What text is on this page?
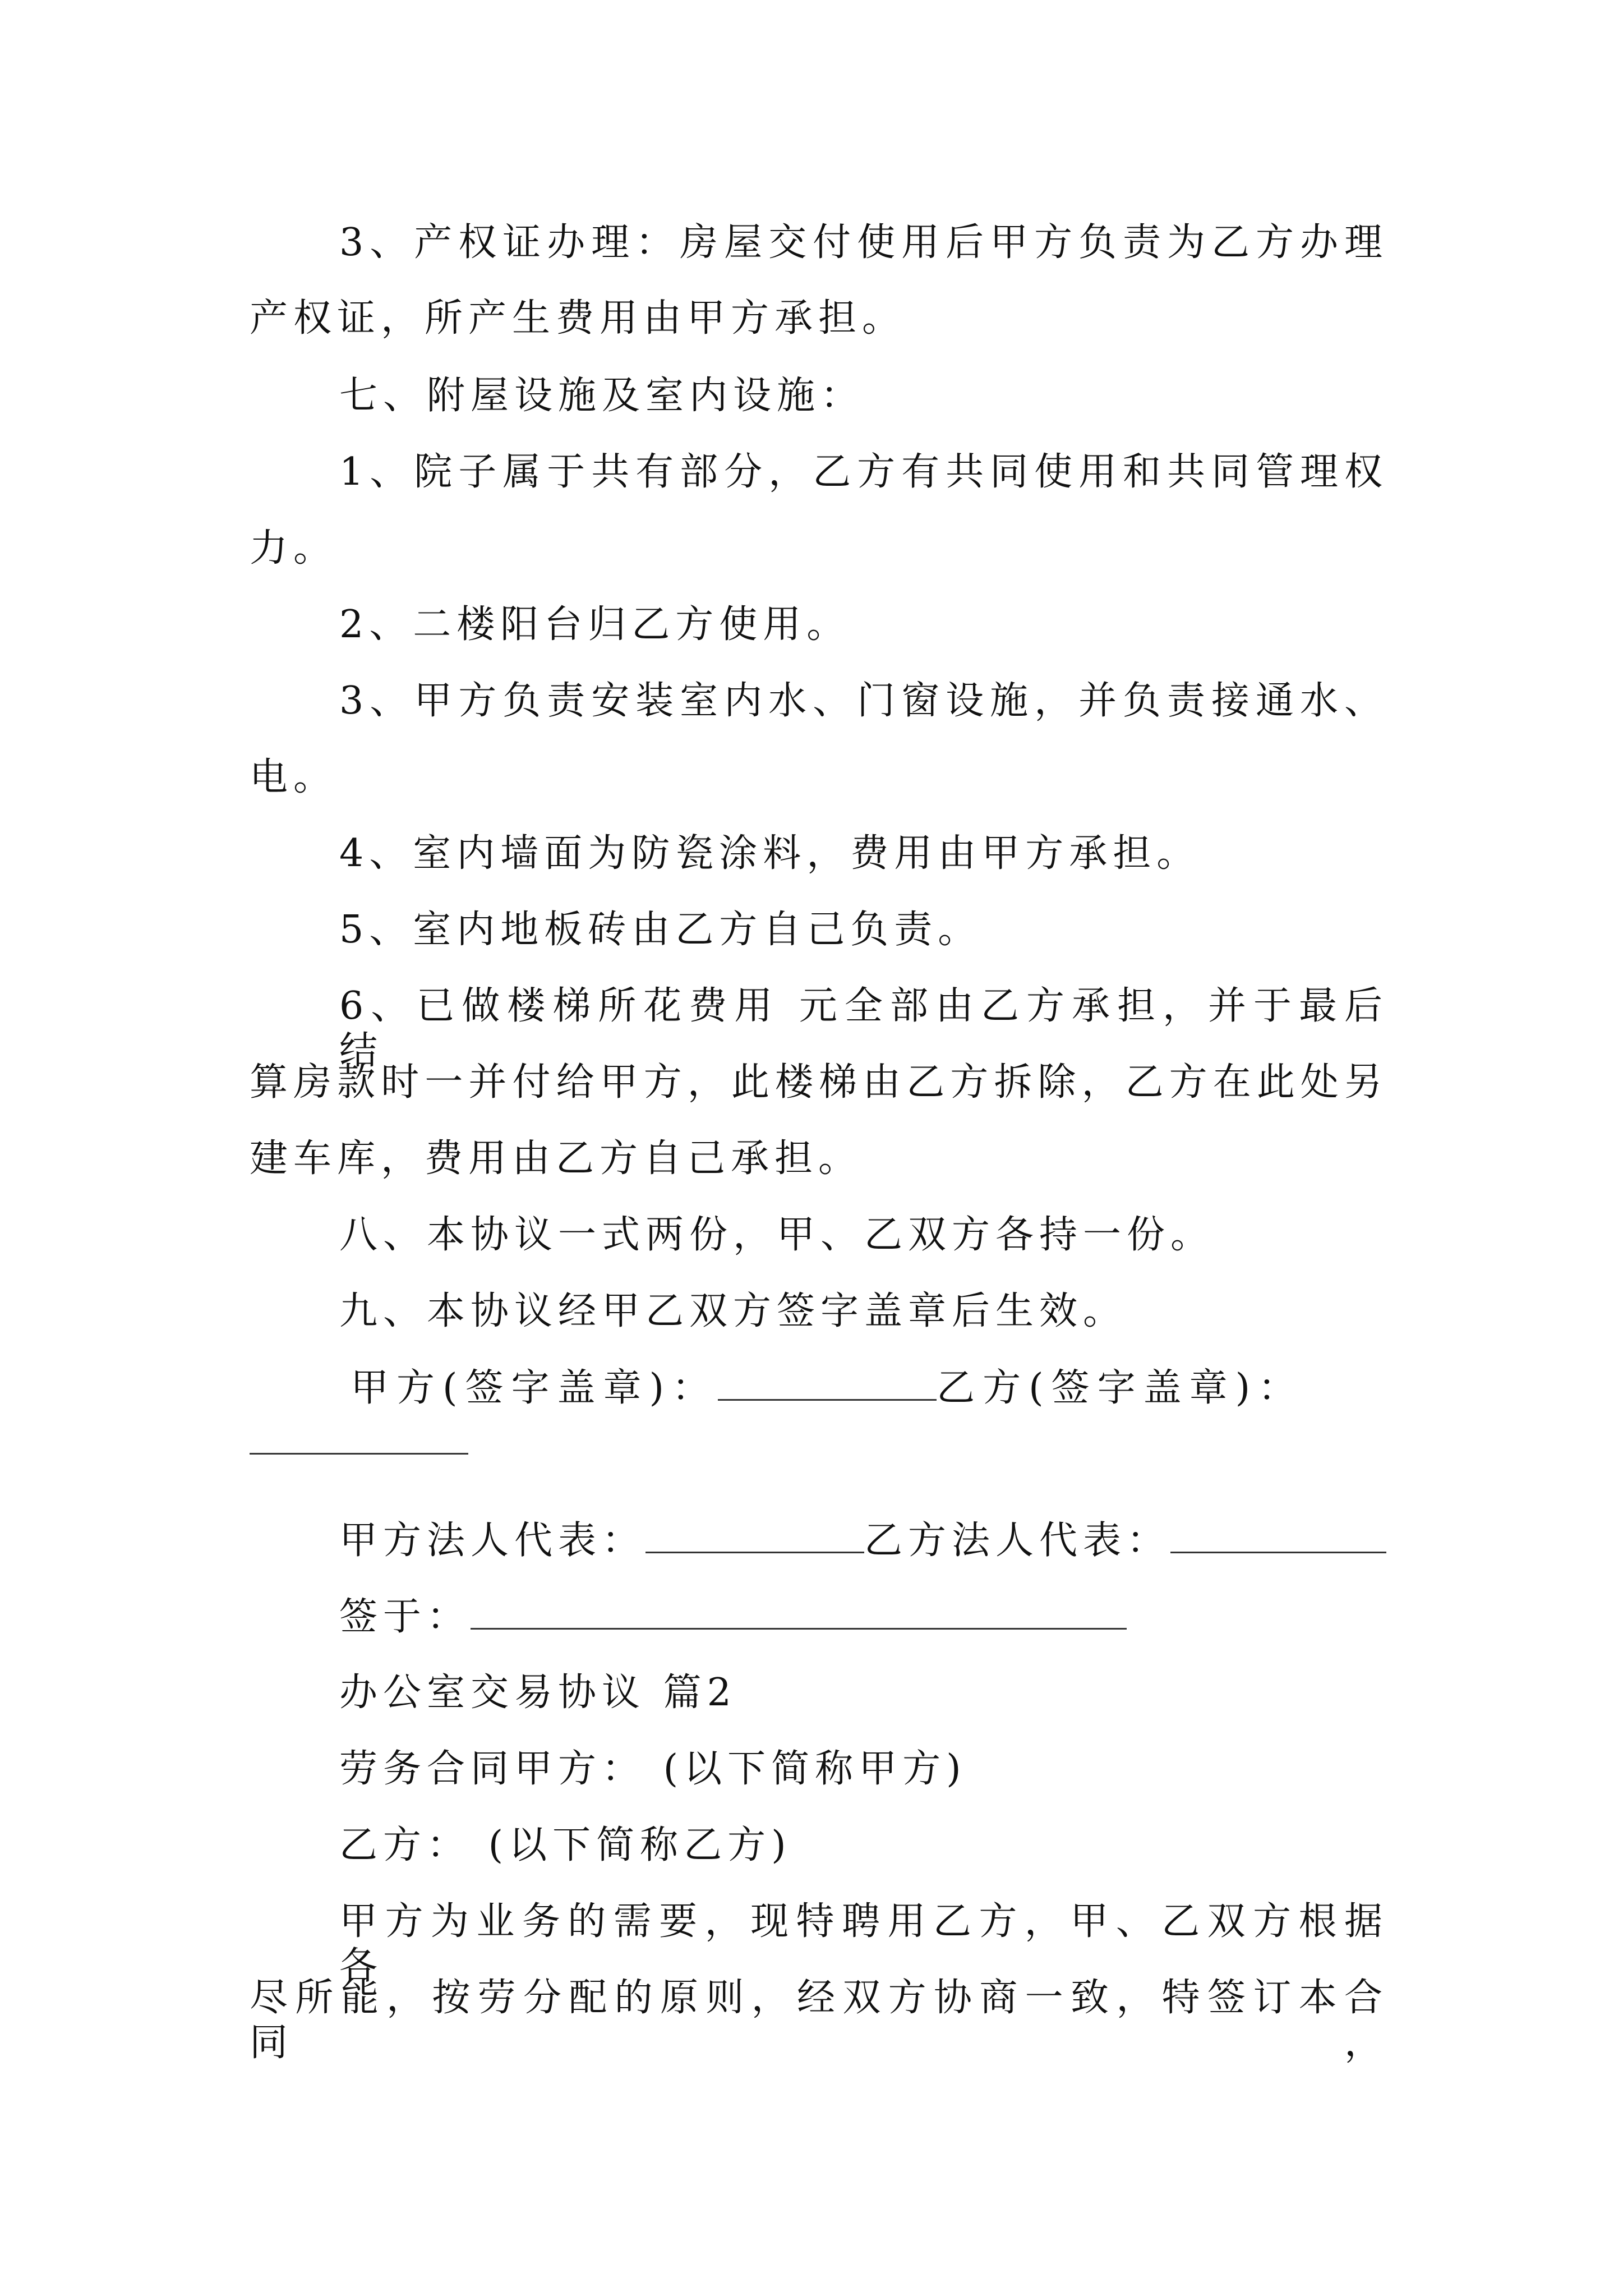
3、产权证办理：房屋交付使用后甲方负责为乙方办理
产权证，所产生费用由甲方承担。
七、附屋设施及室内设施：
1、院子属于共有部分，乙方有共同使用和共同管理权
力。
2、二楼阳台归乙方使用。
3、甲方负责安装室内水、门窗设施，并负责接通水、
电。
4、室内墙面为防瓷涂料，费用由甲方承担。
5、室内地板砖由乙方自己负责。
6、已做楼梯所花费用 元全部由乙方承担，并于最后结
算房款时一并付给甲方，此楼梯由乙方拆除，乙方在此处另
建车库，费用由乙方自己承担。
八、本协议一式两份，甲、乙双方各持一份。
九、本协议经甲乙双方签字盖章后生效。
甲方(签字盖章)：	乙方(签字盖章)：
甲方法人代表：	乙方法人代表：
签于：
办公室交易协议 篇2
劳务合同甲方： (以下简称甲方)
乙方： (以下简称乙方)
甲方为业务的需要，现特聘用乙方，甲、乙双方根据各
尽所能，按劳分配的原则，经双方协商一致，特签订本合同，
